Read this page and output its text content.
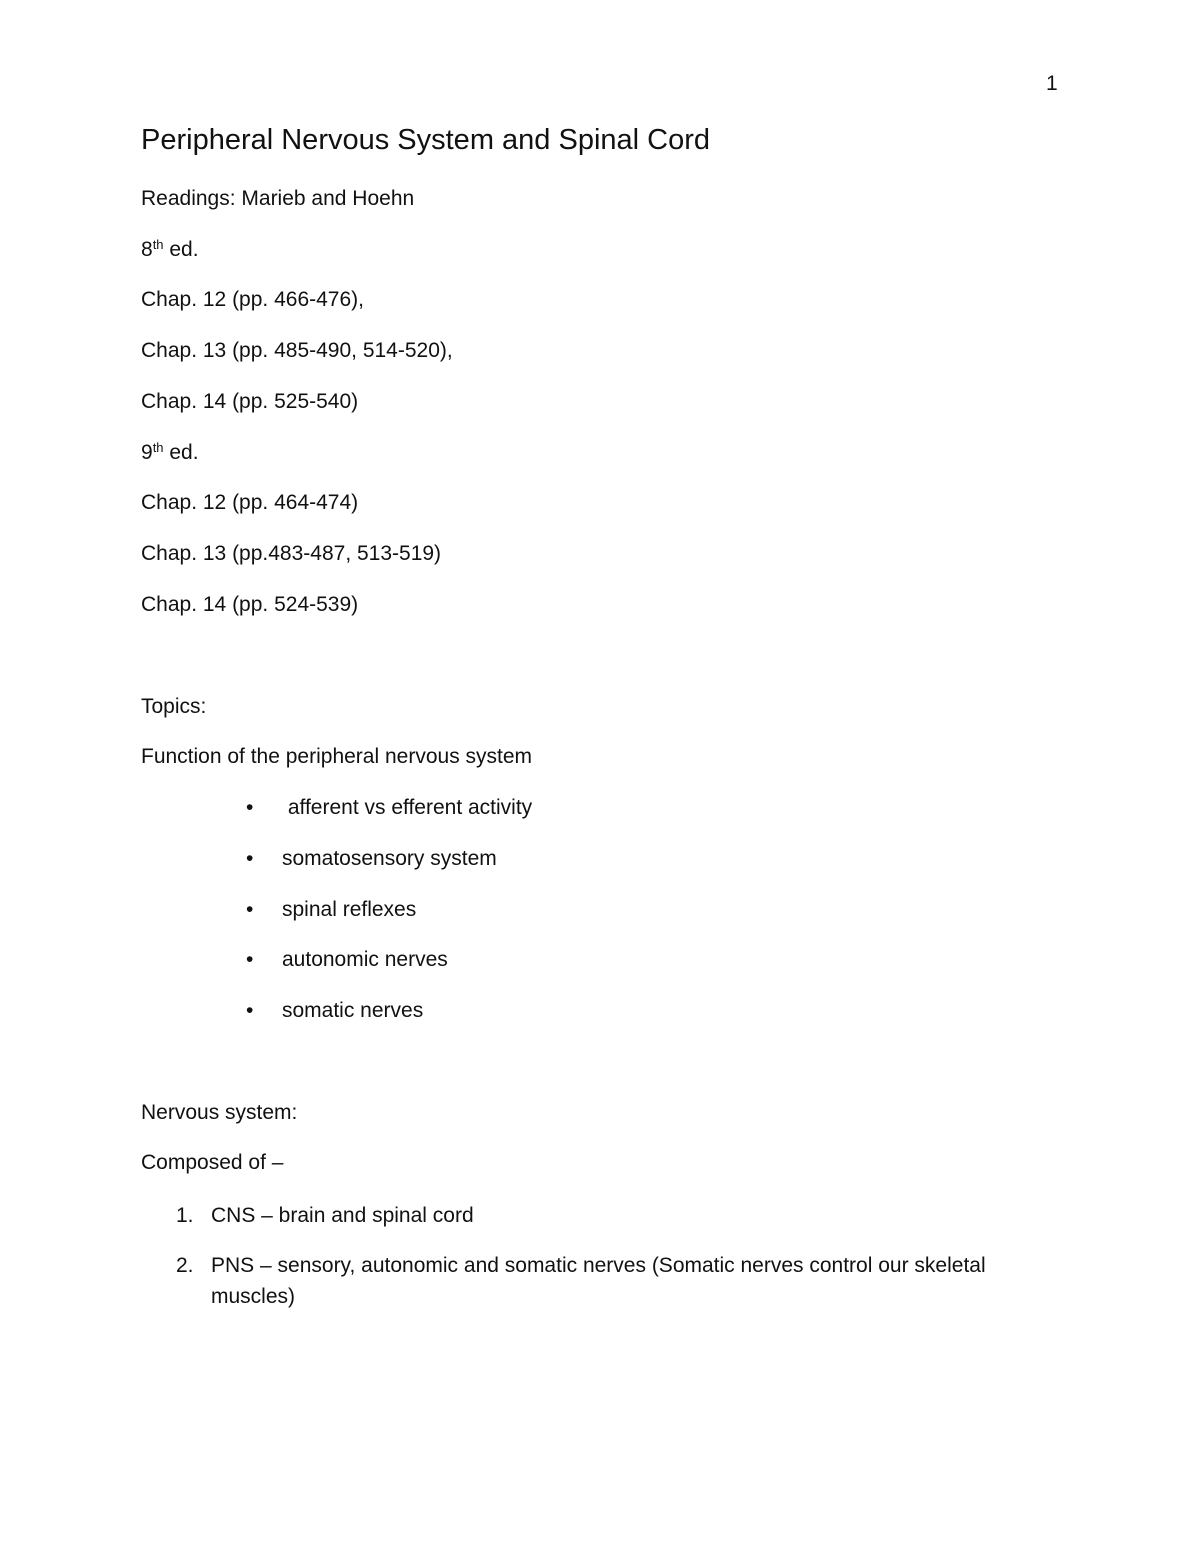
1
Peripheral Nervous System and Spinal Cord
Readings: Marieb and Hoehn
8th ed.
Chap. 12 (pp. 466-476),
Chap. 13 (pp. 485-490, 514-520),
Chap. 14 (pp. 525-540)
9th ed.
Chap. 12 (pp. 464-474)
Chap. 13 (pp.483-487, 513-519)
Chap. 14 (pp. 524-539)
Topics:
Function of the peripheral nervous system
• afferent vs efferent activity
• somatosensory system
• spinal reflexes
• autonomic nerves
• somatic nerves
Nervous system:
Composed of –
1. CNS – brain and spinal cord
2. PNS – sensory, autonomic and somatic nerves (Somatic nerves control our skeletal muscles)
